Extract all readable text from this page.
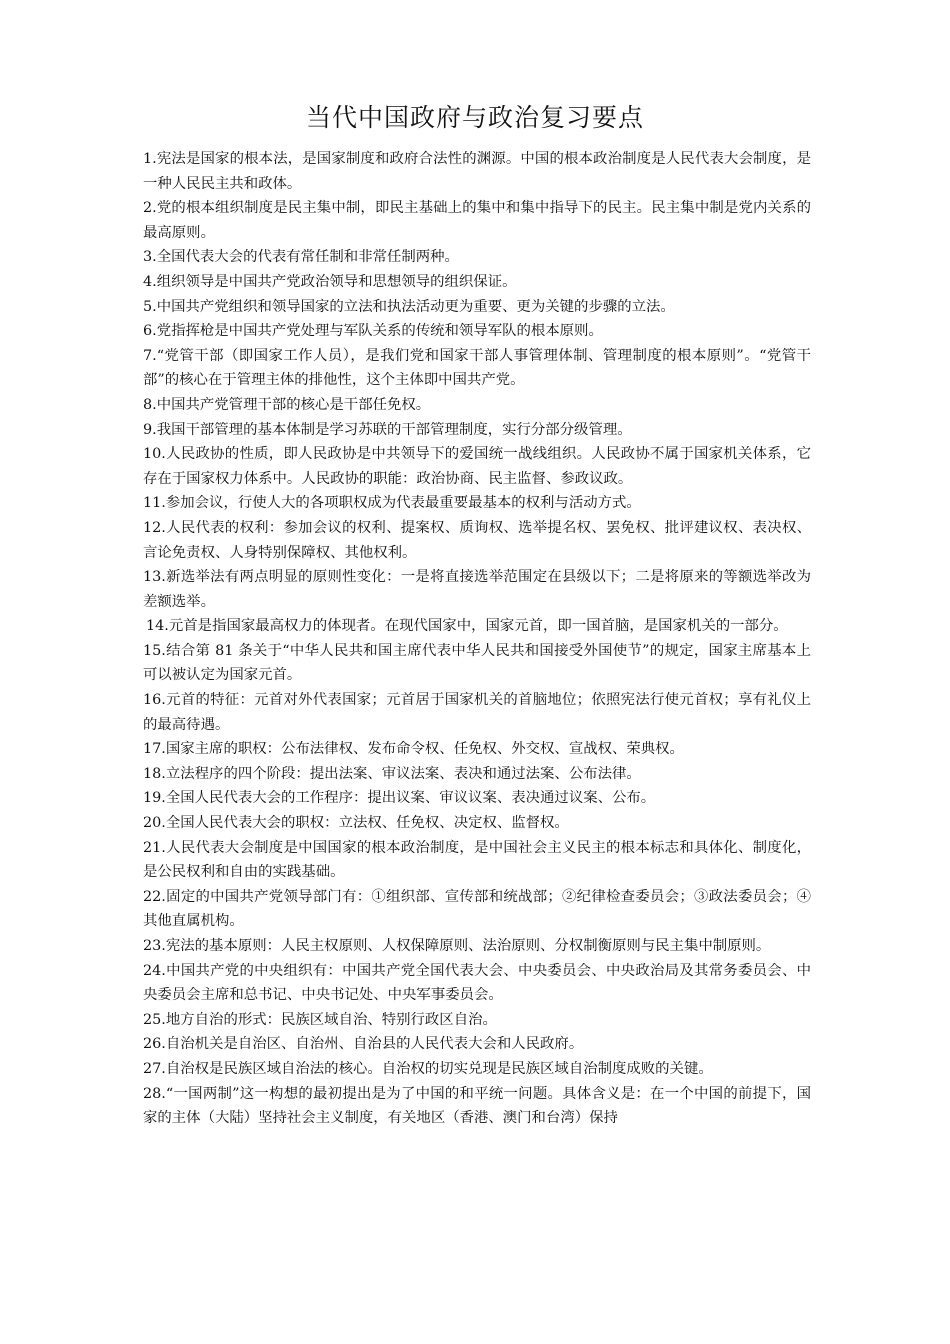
当代中国政府与政治复习要点

1.宪法是国家的根本法，是国家制度和政府合法性的渊源。中国的根本政治制度是人民代表大会制度，是一种人民民主共和政体。

2.党的根本组织制度是民主集中制，即民主基础上的集中和集中指导下的民主。民主集中制是党内关系的最高原则。

3.全国代表大会的代表有常任制和非常任制两种。

4.组织领导是中国共产党政治领导和思想领导的组织保证。

5.中国共产党组织和领导国家的立法和执法活动更为重要、更为关键的步骤的立法。

6.党指挥枪是中国共产党处理与军队关系的传统和领导军队的根本原则。

7.“党管干部（即国家工作人员），是我们党和国家干部人事管理体制、管理制度的根本原则”。“党管干部”的核心在于管理主体的排他性，这个主体即中国共产党。

8.中国共产党管理干部的核心是干部任免权。

9.我国干部管理的基本体制是学习苏联的干部管理制度，实行分部分级管理。

10.人民政协的性质，即人民政协是中共领导下的爱国统一战线组织。人民政协不属于国家机关体系，它存在于国家权力体系中。人民政协的职能：政治协商、民主监督、参政议政。

11.参加会议，行使人大的各项职权成为代表最重要最基本的权利与活动方式。

12.人民代表的权利：参加会议的权利、提案权、质询权、选举提名权、罢免权、批评建议权、表决权、言论免责权、人身特别保障权、其他权利。

13.新选举法有两点明显的原则性变化：一是将直接选举范围定在县级以下；二是将原来的等额选举改为差额选举。

14.元首是指国家最高权力的体现者。在现代国家中，国家元首，即一国首脑，是国家机关的一部分。

15.结合第 81 条关于“中华人民共和国主席代表中华人民共和国接受外国使节”的规定，国家主席基本上可以被认定为国家元首。

16.元首的特征：元首对外代表国家；元首居于国家机关的首脑地位；依照宪法行使元首权；享有礼仪上的最高待遇。

17.国家主席的职权：公布法律权、发布命令权、任免权、外交权、宣战权、荣典权。

18.立法程序的四个阶段：提出法案、审议法案、表决和通过法案、公布法律。

19.全国人民代表大会的工作程序：提出议案、审议议案、表决通过议案、公布。

20.全国人民代表大会的职权：立法权、任免权、决定权、监督权。

21.人民代表大会制度是中国国家的根本政治制度，是中国社会主义民主的根本标志和具体化、制度化，是公民权利和自由的实践基础。

22.固定的中国共产党领导部门有：①组织部、宣传部和统战部；②纪律检查委员会；③政法委员会；④其他直属机构。

23.宪法的基本原则：人民主权原则、人权保障原则、法治原则、分权制衡原则与民主集中制原则。

24.中国共产党的中央组织有：中国共产党全国代表大会、中央委员会、中央政治局及其常务委员会、中央委员会主席和总书记、中央书记处、中央军事委员会。

25.地方自治的形式：民族区域自治、特别行政区自治。

26.自治机关是自治区、自治州、自治县的人民代表大会和人民政府。

27.自治权是民族区域自治法的核心。自治权的切实兑现是民族区域自治制度成败的关键。

28.“一国两制”这一构想的最初提出是为了中国的和平统一问题。具体含义是：在一个中国的前提下，国家的主体（大陆）坚持社会主义制度，有关地区（香港、澳门和台湾）保持
